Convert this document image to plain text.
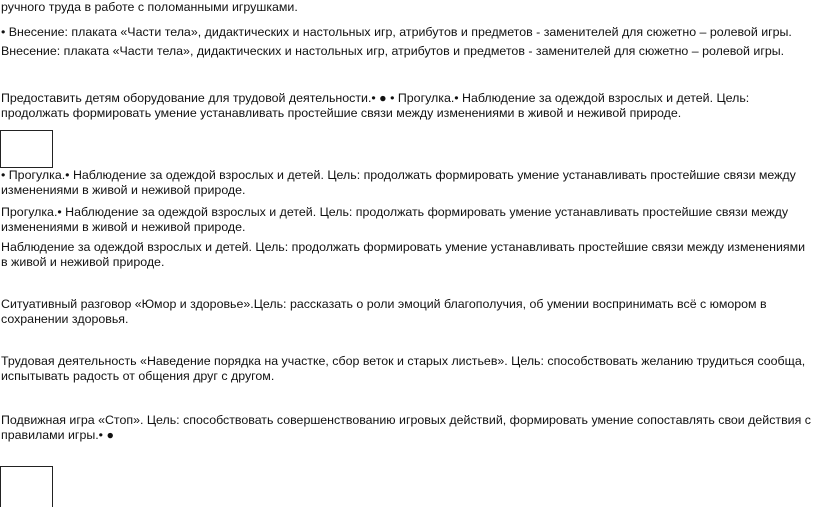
ручного труда в работе с поломанными игрушками.

• Внесение: плаката «Части тела», дидактических и настольных игр, атрибутов и предметов - заменителей для сюжетно – ролевой игры.

Внесение: плаката «Части тела», дидактических и настольных игр, атрибутов и предметов - заменителей для сюжетно – ролевой игры.

Предоставить детям оборудование для трудовой деятельности.• ● • Прогулка.• Наблюдение за одеждой взрослых и детей. Цель: продолжать формировать умение устанавливать простейшие связи между изменениями в живой и неживой природе.

• Прогулка.• Наблюдение за одеждой взрослых и детей. Цель: продолжать формировать умение устанавливать простейшие связи между изменениями в живой и неживой природе.

Прогулка.• Наблюдение за одеждой взрослых и детей. Цель: продолжать формировать умение устанавливать простейшие связи между изменениями в живой и неживой природе.

Наблюдение за одеждой взрослых и детей. Цель: продолжать формировать умение устанавливать простейшие связи между изменениями в живой и неживой природе.

Ситуативный разговор «Юмор и здоровье».Цель: рассказать о роли эмоций благополучия, об умении воспринимать всё с юмором в сохранении здоровья.

Трудовая деятельность «Наведение порядка на участке, сбор веток и старых листьев». Цель: способствовать желанию трудиться сообща, испытывать радость от общения друг с другом.

Подвижная игра «Стоп». Цель: способствовать совершенствованию игровых действий, формировать умение сопоставлять свои действия с правилами игры.• ●
